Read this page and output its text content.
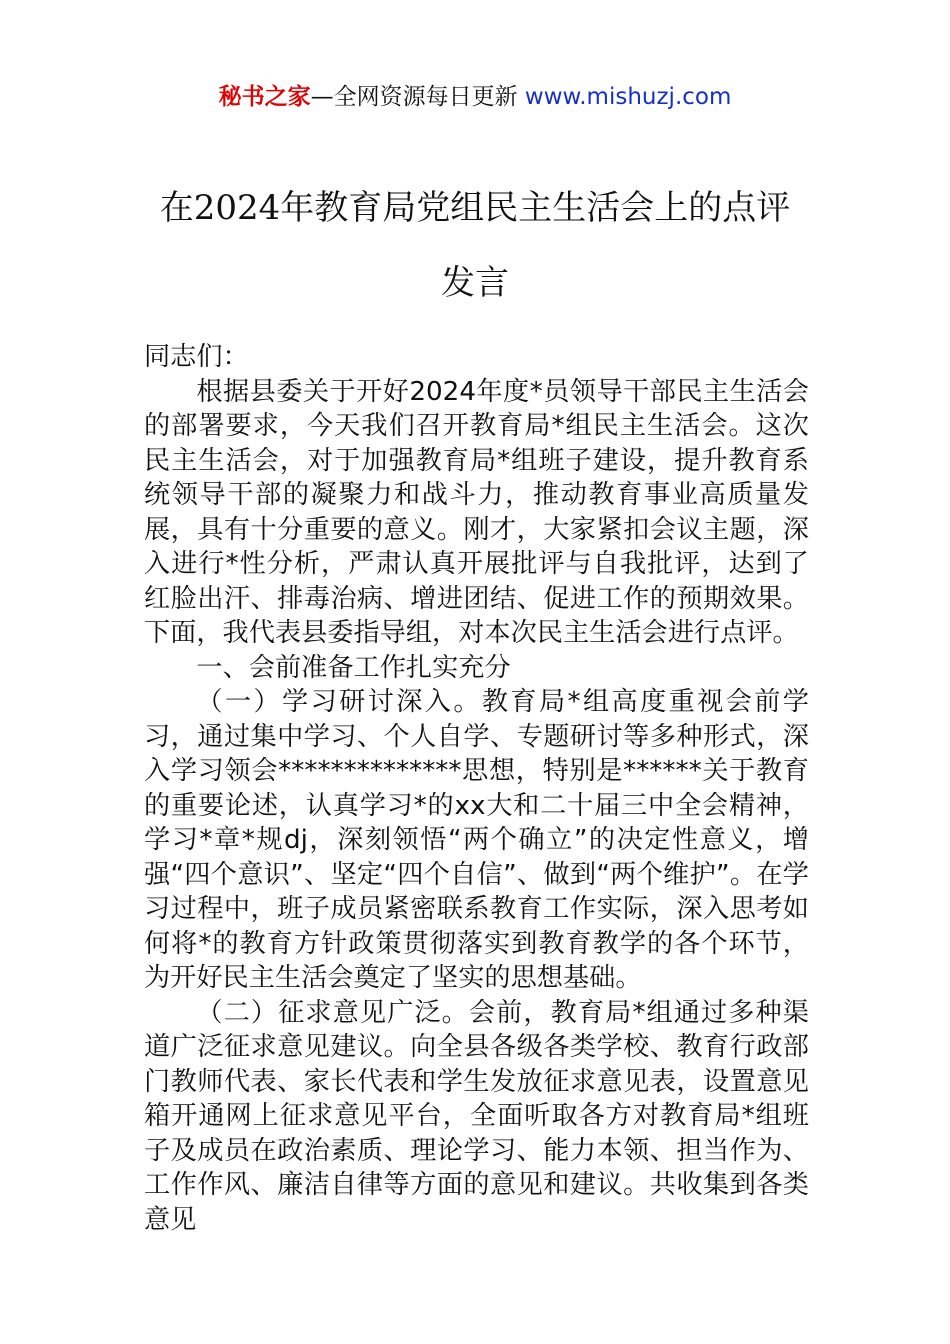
秘书之家—全网资源每日更新 www.mishuzj.com
在2024年教育局党组民主生活会上的点评
发言

同志们：

根据县委关于开好2024年度*员领导干部民主生活会的部署要求，今天我们召开教育局*组民主生活会。这次民主生活会，对于加强教育局*组班子建设，提升教育系统领导干部的凝聚力和战斗力，推动教育事业高质量发展，具有十分重要的意义。刚才，大家紧扣会议主题，深入进行*性分析，严肃认真开展批评与自我批评，达到了红脸出汗、排毒治病、增进团结、促进工作的预期效果。下面，我代表县委指导组，对本次民主生活会进行点评。

一、会前准备工作扎实充分

（一）学习研讨深入。教育局*组高度重视会前学习，通过集中学习、个人自学、专题研讨等多种形式，深入学习领会**************思想，特别是******关于教育的重要论述，认真学习*的xx大和二十届三中全会精神，学习*章*规dj，深刻领悟“两个确立”的决定性意义，增强“四个意识”、坚定“四个自信”、做到“两个维护”。在学习过程中，班子成员紧密联系教育工作实际，深入思考如何将*的教育方针政策贯彻落实到教育教学的各个环节，为开好民主生活会奠定了坚实的思想基础。

（二）征求意见广泛。会前，教育局*组通过多种渠道广泛征求意见建议。向全县各级各类学校、教育行政部门教师代表、家长代表和学生发放征求意见表，设置意见箱开通网上征求意见平台，全面听取各方对教育局*组班子及成员在政治素质、理论学习、能力本领、担当作为、工作作风、廉洁自律等方面的意见和建议。共收集到各类意见
